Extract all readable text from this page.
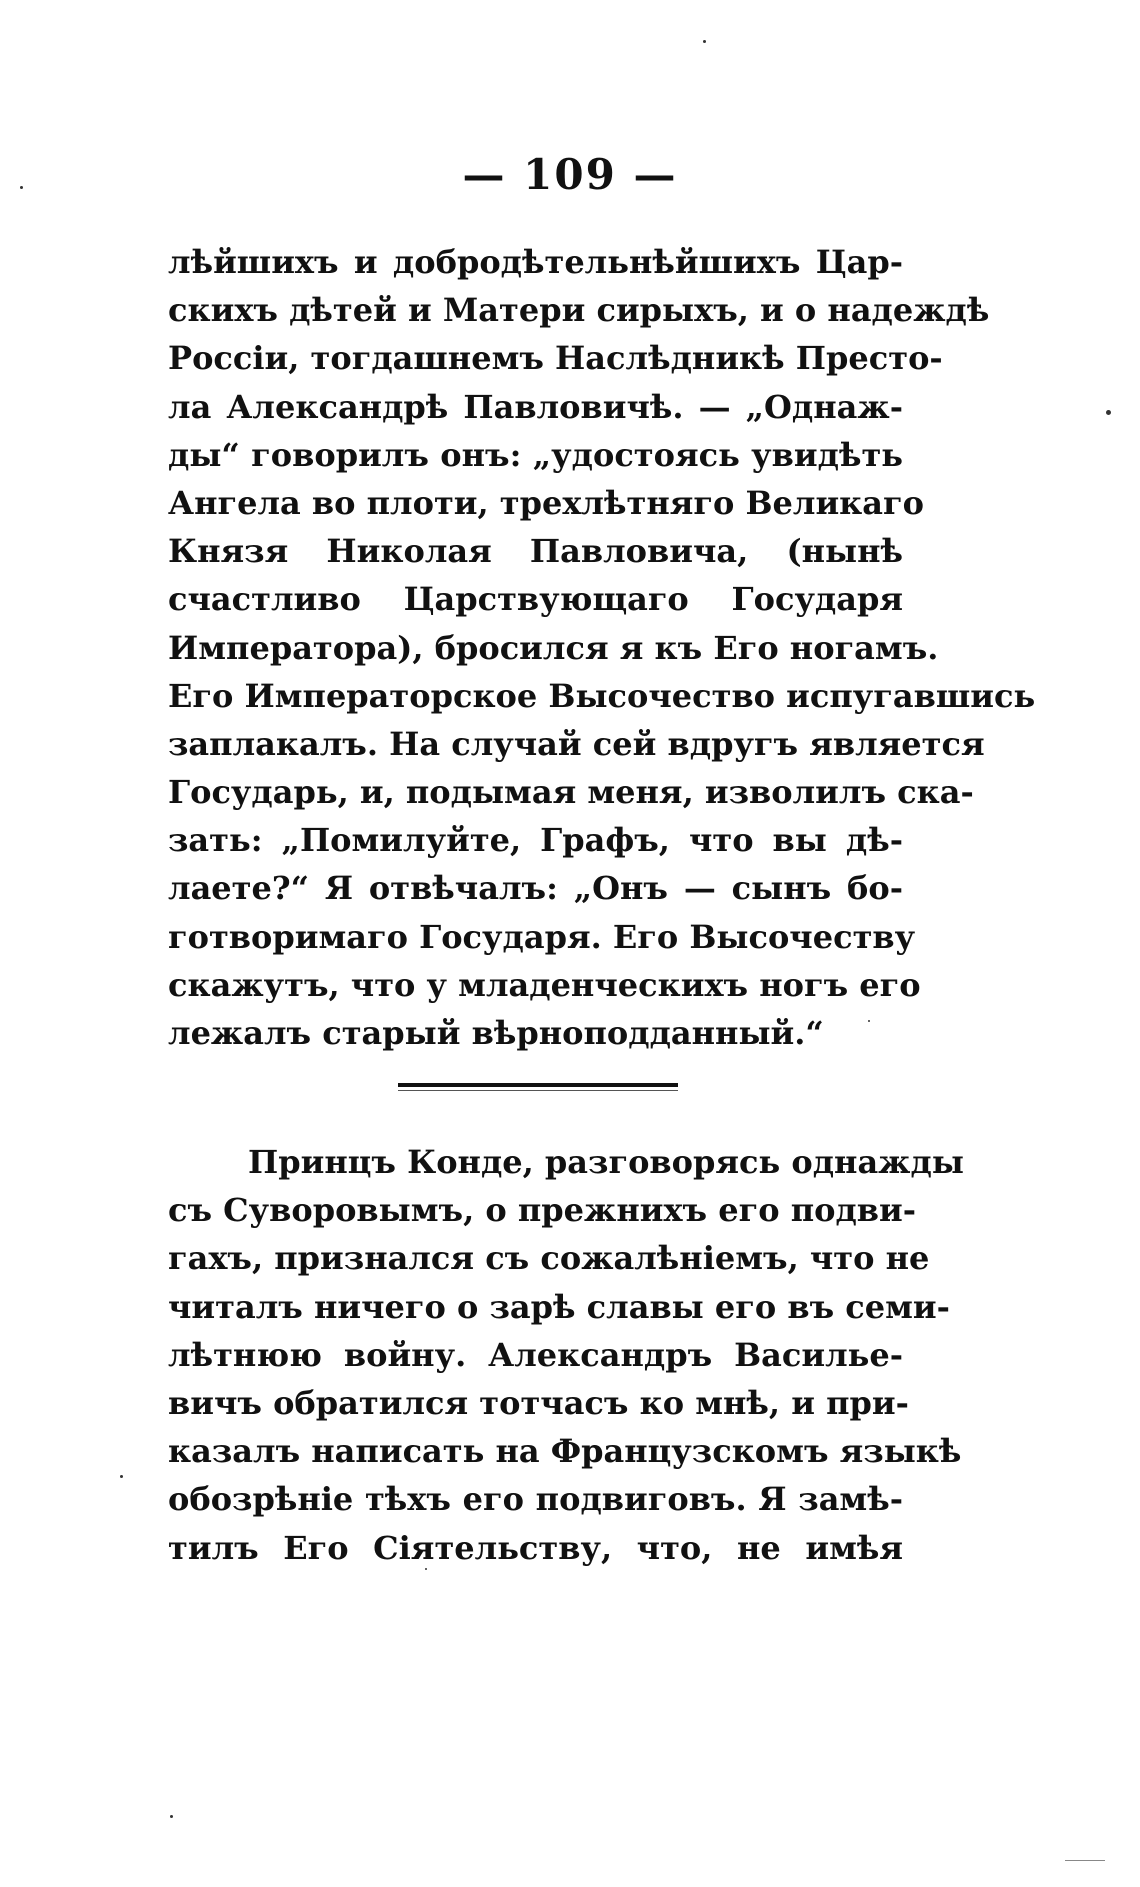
— 109 —
лѣйшихъ и добродѣтельнѣйшихъ Цар-
скихъ дѣтей и Матери сирыхъ, и о надеждѣ
Россіи, тогдашнемъ Наслѣдникѣ Престо-
ла Александрѣ Павловичѣ. — „Однаж-
ды“ говорилъ онъ: „удостоясь увидѣть
Ангела во плоти, трехлѣтняго Великаго
Князя Николая Павловича, (нынѣ
счастливо Царствующаго Государя
Императора), бросился я къ Его ногамъ.
Его Императорское Высочество испугавшись
заплакалъ. На случай сей вдругъ является
Государь, и, подымая меня, изволилъ ска-
зать: „Помилуйте, Графъ, что вы дѣ-
лаете?“ Я отвѣчалъ: „Онъ — сынъ бо-
готворимаго Государя. Его Высочеству
скажутъ, что у младенческихъ ногъ его
лежалъ старый вѣрноподданный.“
Принцъ Конде, разговорясь однажды
съ Суворовымъ, о прежнихъ его подви-
гахъ, признался съ сожалѣніемъ, что не
читалъ ничего о зарѣ славы его въ семи-
лѣтнюю войну. Александръ Васильe-
вичъ обратился тотчасъ ко мнѣ, и при-
казалъ написать на Французскомъ языкѣ
обозрѣніе тѣхъ его подвиговъ. Я замѣ-
тилъ Его Сіятельству, что, не имѣя
